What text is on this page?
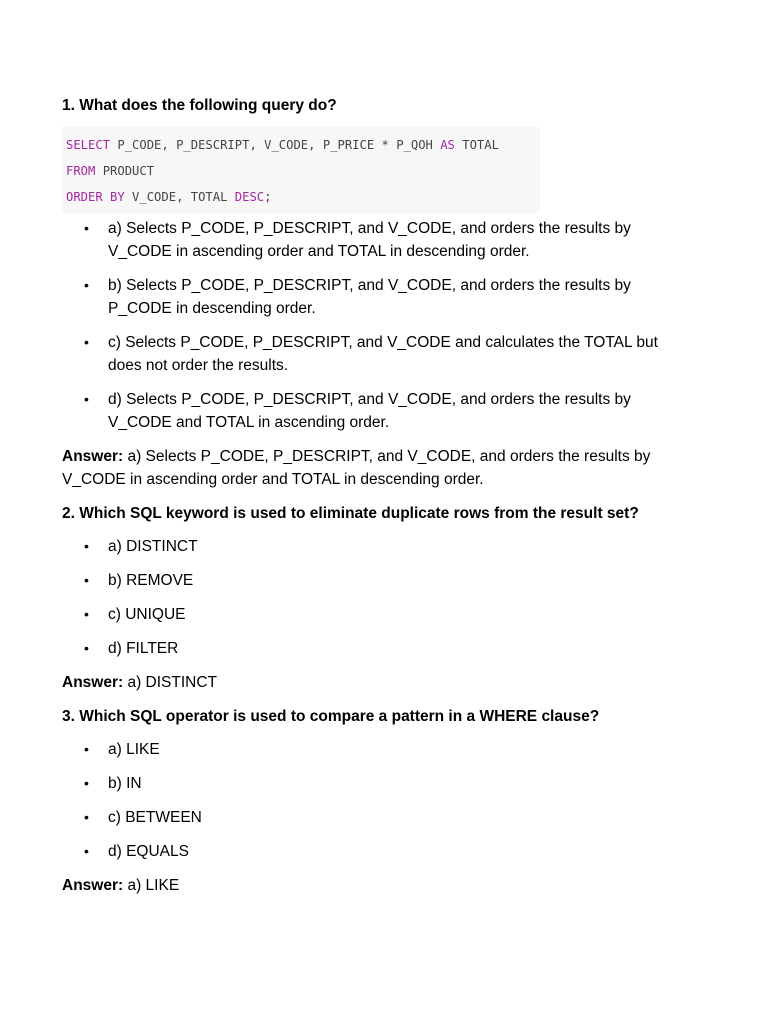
1. What does the following query do?
SELECT P_CODE, P_DESCRIPT, V_CODE, P_PRICE * P_QOH AS TOTAL
FROM PRODUCT
ORDER BY V_CODE, TOTAL DESC;
• a) Selects P_CODE, P_DESCRIPT, and V_CODE, and orders the results by V_CODE in ascending order and TOTAL in descending order.
• b) Selects P_CODE, P_DESCRIPT, and V_CODE, and orders the results by P_CODE in descending order.
• c) Selects P_CODE, P_DESCRIPT, and V_CODE and calculates the TOTAL but does not order the results.
• d) Selects P_CODE, P_DESCRIPT, and V_CODE, and orders the results by V_CODE and TOTAL in ascending order.
Answer: a) Selects P_CODE, P_DESCRIPT, and V_CODE, and orders the results by V_CODE in ascending order and TOTAL in descending order.
2. Which SQL keyword is used to eliminate duplicate rows from the result set?
• a) DISTINCT
• b) REMOVE
• c) UNIQUE
• d) FILTER
Answer: a) DISTINCT
3. Which SQL operator is used to compare a pattern in a WHERE clause?
• a) LIKE
• b) IN
• c) BETWEEN
• d) EQUALS
Answer: a) LIKE
